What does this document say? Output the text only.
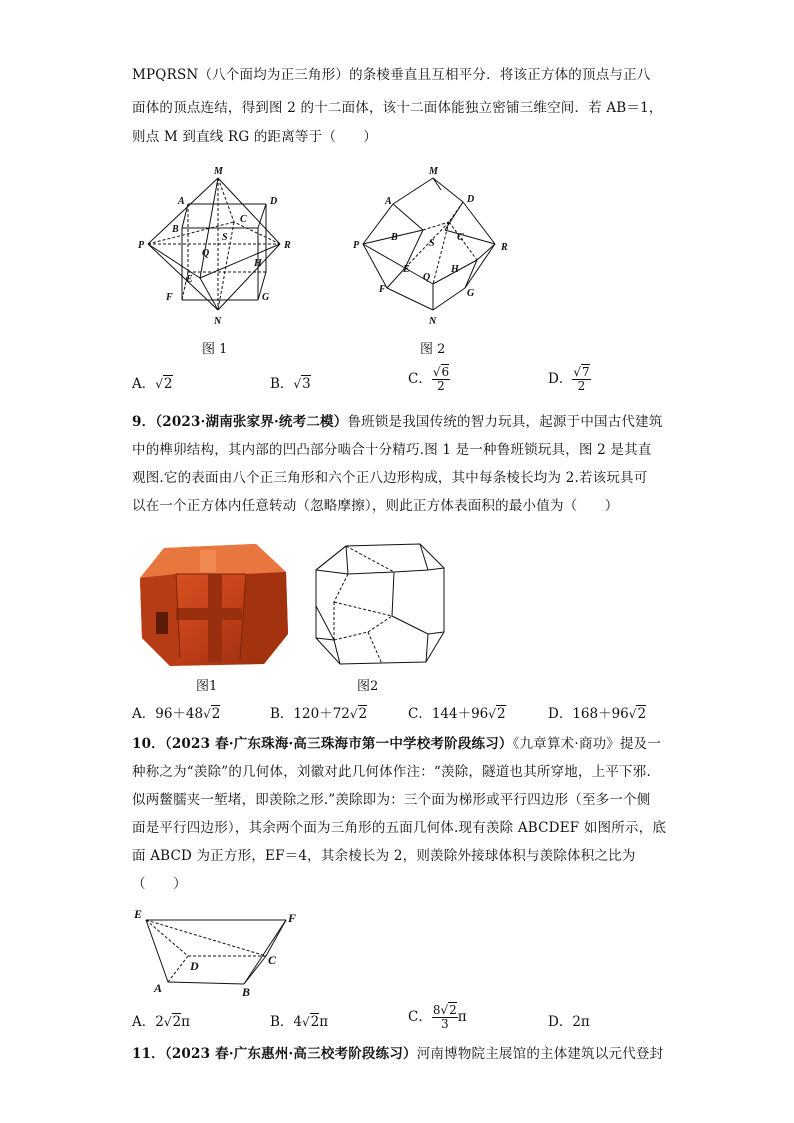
MPQRSN（八个面均为正三角形）的条棱垂直且互相平分．将该正方体的顶点与正八

面体的顶点连结，得到图 2 的十二面体，该十二面体能独立密铺三维空间．若 AB＝1，

则点 M 到直线 RG 的距离等于（　　）

M
A	D
B
C
S
P
Q
R
E
H
F	G
N
M
A	D
B	C
S
P
Q
R
E	H
F	G
N
图 1	图 2
A．√2	B．√3	C． $\frac{√6}{2}$	D． $\frac{√7}{2}$

9．（2023·湖南张家界·统考二模）鲁班锁是我国传统的智力玩具，起源于中国古代建筑

中的榫卯结构，其内部的凹凸部分啮合十分精巧.图 1 是一种鲁班锁玩具，图 2 是其直

观图.它的表面由八个正三角形和六个正八边形构成，其中每条棱长均为 2.若该玩具可

以在一个正方体内任意转动（忽略摩擦），则此正方体表面积的最小值为（　　）

图1	图2
A．96＋48√2	B．120＋72√2	C．144＋96√2	D．168＋96√2

10．（2023 春·广东珠海·高三珠海市第一中学校考阶段练习）《九章算术·商功》提及一

种称之为“羡除”的几何体，刘徽对此几何体作注：“羡除，隧道也其所穿地，上平下邪.

似两鳖臑夹一堑堵，即羡除之形.”羡除即为：三个面为梯形或平行四边形（至多一个侧

面是平行四边形），其余两个面为三角形的五面几何体.现有羡除 ABCDEF 如图所示，底

面 ABCD 为正方形，EF＝4，其余棱长为 2，则羡除外接球体积与羡除体积之比为

（　　）

E	F
D	C
A	B
A．2√2π	B．4√2π	C． $\frac{8√2}{3}$ π	D．2π

11．（2023 春·广东惠州·高三校考阶段练习）河南博物院主展馆的主体建筑以元代登封
